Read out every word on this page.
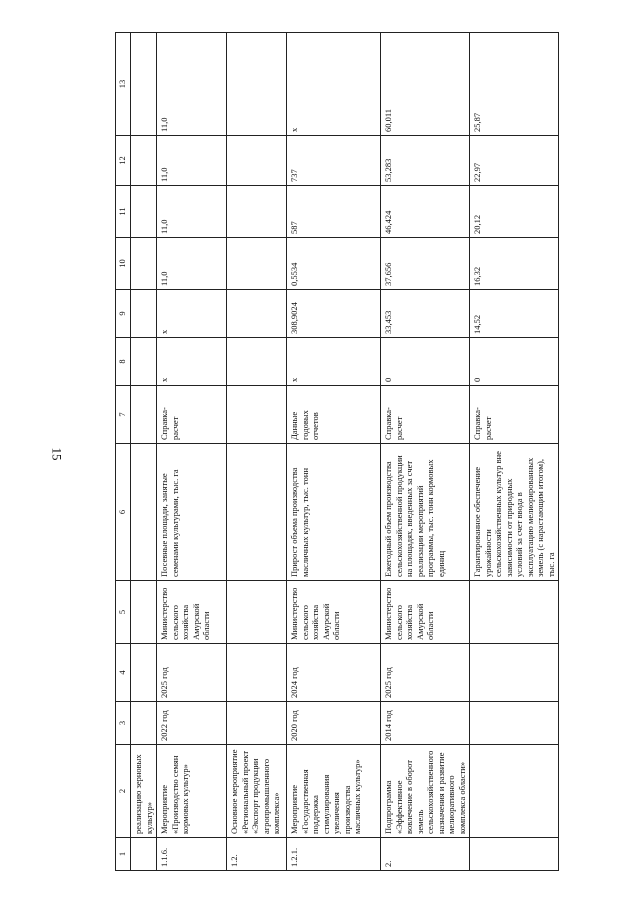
15
1	2	3	4	5	6	7	8	9	10	11	12	13
	реализацию зерновых культур»											
1.1.6.	Мероприятие «Производство семян кормовых культур»	2022 год	2025 год	Министерство сельского хозяйства Амурской области	Посевные площади, занятые семенами культурами, тыс. га	Справка-расчет	x	x	11,0	11,0	11,0	11,0
1.2.	Основное мероприятие «Региональный проект «Экспорт продукции агропромышленного комплекса»											
1.2.1.	Мероприятие «Государственная поддержка стимулирования увеличения производства масличных культур»	2020 год	2024 год	Министерство сельского хозяйства Амурской области	Прирост объема производства масличных культур, тыс. тонн	Данные годовых отчетов	x	308,9024	0,5534	587	737	x
2.	Подпрограмма «Эффективное вовлечение в оборот земель сельскохозяйственного назначения и развитие мелиоративного комплекса области»	2014 год	2025 год	Министерство сельского хозяйства Амурской области	Ежегодный объем производства сельскохозяйственной продукции на площадях, введенных за счет реализации мероприятий программы, тыс. тонн кормовых единиц	Справка-расчет	0	33,453	37,656	46,424	53,283	60,011
					Гарантированное обеспечение урожайности сельскохозяйственных культур вне зависимости от природных условий за счет ввода в эксплуатацию мелиорированных земель (с нарастающим итогом), тыс. га	Справка-расчет	0	14,52	16,32	20,12	22,97	25,87
